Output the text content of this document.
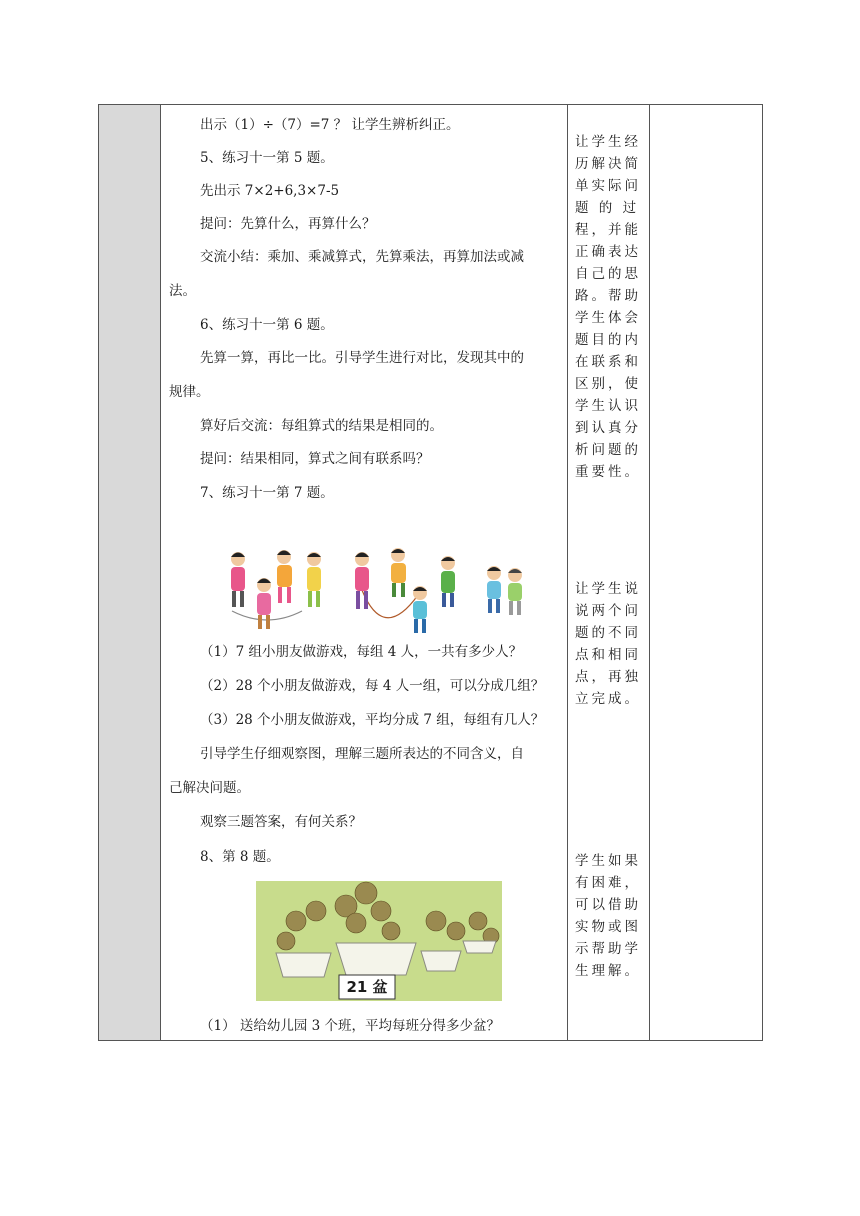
出示（1）÷（7）=7 ？ 让学生辨析纠正。
5、练习十一第 5 题。
先出示 7×2+6,3×7-5
提问：先算什么，再算什么？
交流小结：乘加、乘减算式，先算乘法，再算加法或减
法。
6、练习十一第 6 题。
先算一算，再比一比。引导学生进行对比，发现其中的
规律。
算好后交流：每组算式的结果是相同的。
提问：结果相同，算式之间有联系吗？
7、练习十一第 7 题。
（1）7 组小朋友做游戏，每组 4 人，一共有多少人？
（2）28 个小朋友做游戏，每 4 人一组，可以分成几组？
（3）28 个小朋友做游戏，平均分成 7 组，每组有几人？
引导学生仔细观察图，理解三题所表达的不同含义，自
己解决问题。
观察三题答案，有何关系？
8、第 8 题。
21 盆
（1） 送给幼儿园 3 个班，平均每班分得多少盆？
让学生经
历解决简
单实际问
题 的 过
程，并能
正确表达
自己的思
路。帮助
学生体会
题目的内
在联系和
区别，使
学生认识
到认真分
析问题的
重要性。
让学生说
说两个问
题的不同
点和相同
点，再独
立完成。
学生如果
有困难，
可以借助
实物或图
示帮助学
生理解。
